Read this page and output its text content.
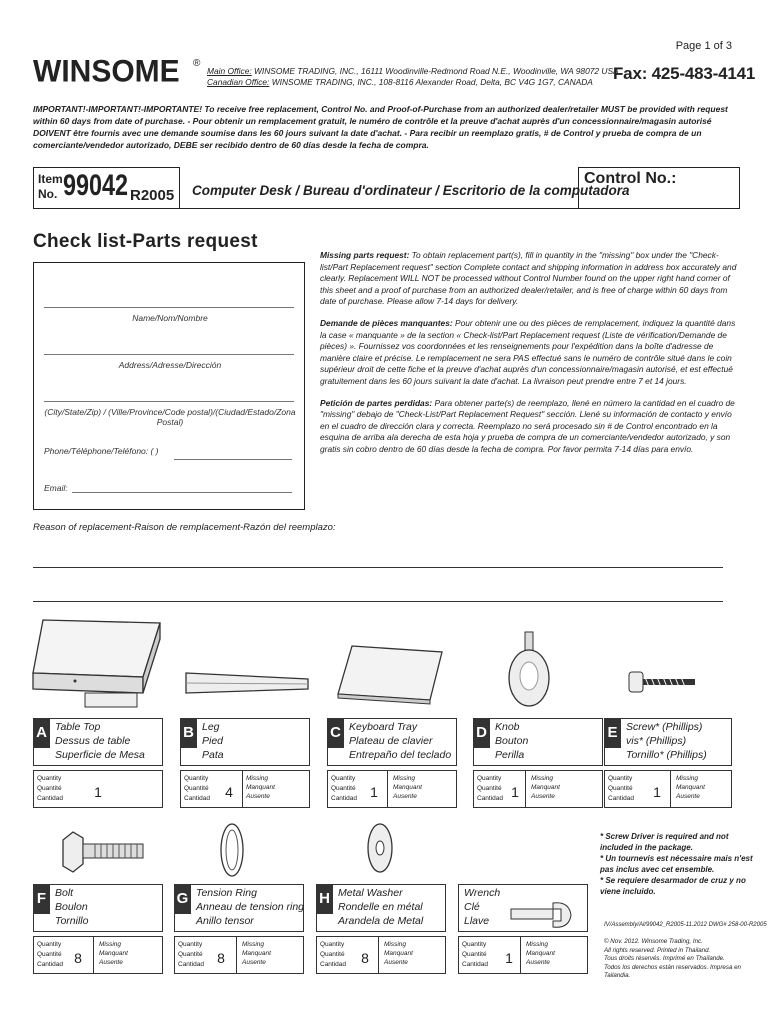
Page 1 of 3
WINSOME ®
Main Office: WINSOME TRADING, INC., 16111 Woodinville-Redmond Road N.E., Woodinville, WA 98072 USA
Canadian Office: WINSOME TRADING, INC., 108-8116 Alexander Road, Delta, BC V4G 1G7, CANADA	Fax: 425-483-4141
IMPORTANT!-IMPORTANT!-IMPORTANTE! To receive free replacement, Control No. and Proof-of-Purchase from an authorized dealer/retailer MUST be provided with request within 60 days from date of purchase. - Pour obtenir un remplacement gratuit, le numéro de contrôle et la preuve d'achat auprès d'un concessionnaire/magasin autorisé DOIVENT être fournis avec une demande soumise dans les 60 jours suivant la date d'achat. - Para recibir un reemplazo gratis, # de Control y prueba de compra de un comerciante/vendedor autorizado, DEBE ser recibido dentro de 60 días desde la fecha de compra.
Item
No. 99042 R2005 Computer Desk / Bureau d'ordinateur / Escritorio de la computadora
Control No.:
Check list-Parts request
Name/Nom/Nombre
Address/Adresse/Dirección
(City/State/Zip) / (Ville/Province/Code postal)/(Ciudad/Estado/Zona Postal)
Phone/Téléphone/Teléfono: ( )
Email:

Missing parts request: To obtain replacement part(s), fill in quantity in the "missing" box under the "Check-list/Part Replacement request" section Complete contact and shipping information in address box accurately and clearly. Replacement WILL NOT be processed without Control Number found on the upper right hand corner of this sheet and a proof of purchase from an authorized dealer/retailer, and is free of charge within 60 days from date of purchase. Please allow 7-14 days for delivery.

Demande de pièces manquantes: Pour obtenir une ou des pièces de remplacement, indiquez la quantité dans la case « manquante » de la section « Check-list/Part Replacement request (Liste de vérification/Demande de pièces) ». Fournissez vos coordonnées et les renseignements pour l'expédition dans la boîte d'adresse de manière claire et précise. Le remplacement ne sera PAS effectué sans le numéro de contrôle situé dans le coin supérieur droit de cette fiche et la preuve d'achat auprès d'un concessionnaire/magasin autorisé, et est effectué gratuitement dans les 60 jours suivant la date d'achat. La livraison peut prendre entre 7 et 14 jours.

Petición de partes perdidas: Para obtener parte(s) de reemplazo, llené en número la cantidad en el cuadro de "missing" debajo de "Check-List/Part Replacement Request" sección. Llené su información de contacto y envío en el cuadro de dirección clara y correcta. Reemplazo no será procesado sin # de Control encontrado en la esquina de arriba ala derecha de esta hoja y prueba de compra de un comerciante/vendedor autorizado, y son gratis sin cobro dentro de 60 días desde la fecha de compra. Por favor permita 7-14 días para envío.

Reason of replacement-Raison de remplacement-Razón del reemplazo:
A Table Top
Dessus de table
Superficie de Mesa
Quantity
Quantité
Cantidad	1
B Leg
Pied
Pata
Quantity
Quantité
Cantidad	4
Missing
Manquant
Ausente
C Keyboard Tray
Plateau de clavier
Entrepaño del teclado
Quantity
Quantité
Cantidad 1
Missing
Manquant
Ausente
D Knob
Bouton
Perilla
Quantity
Quantité
Cantidad 1
Missing
Manquant
Ausente
E Screw* (Phillips)
vis* (Phillips)
Tornillo* (Phillips)
Quantity
Quantité
Cantidad	1
Missing
Manquant
Ausente
F Bolt
Boulon
Tornillo
Quantity
Quantité
Cantidad 8
Missing
Manquant
Ausente
G Tension Ring
Anneau de tension ring
Anillo tensor
Quantity
Quantité
Cantidad 8
Missing
Manquant
Ausente
H Metal Washer
Rondelle en métal
Arandela de Metal
Quantity
Quantité
Cantidad	8
Missing
Manquant
Ausente
Wrench
Clé
Llave
Quantity
Quantité
Cantidad	1
Missing
Manquant
Ausente
* Screw Driver is required and not included in the package.
* Un tournevis est nécessaire mais n'est pas inclus avec cet ensemble.
* Se requiere desarmador de cruz y no viene incluido.
IV/Assembly/Al/99042_R2005-11.2012 DWG# 258-00-R2005
© Nov. 2012. Winsome Trading, Inc.
All rights reserved. Printed in Thailand.
Tous droits réservés. Imprimé en Thaïlande.
Todos los derechos están reservados. Impresa en Tailandia.
